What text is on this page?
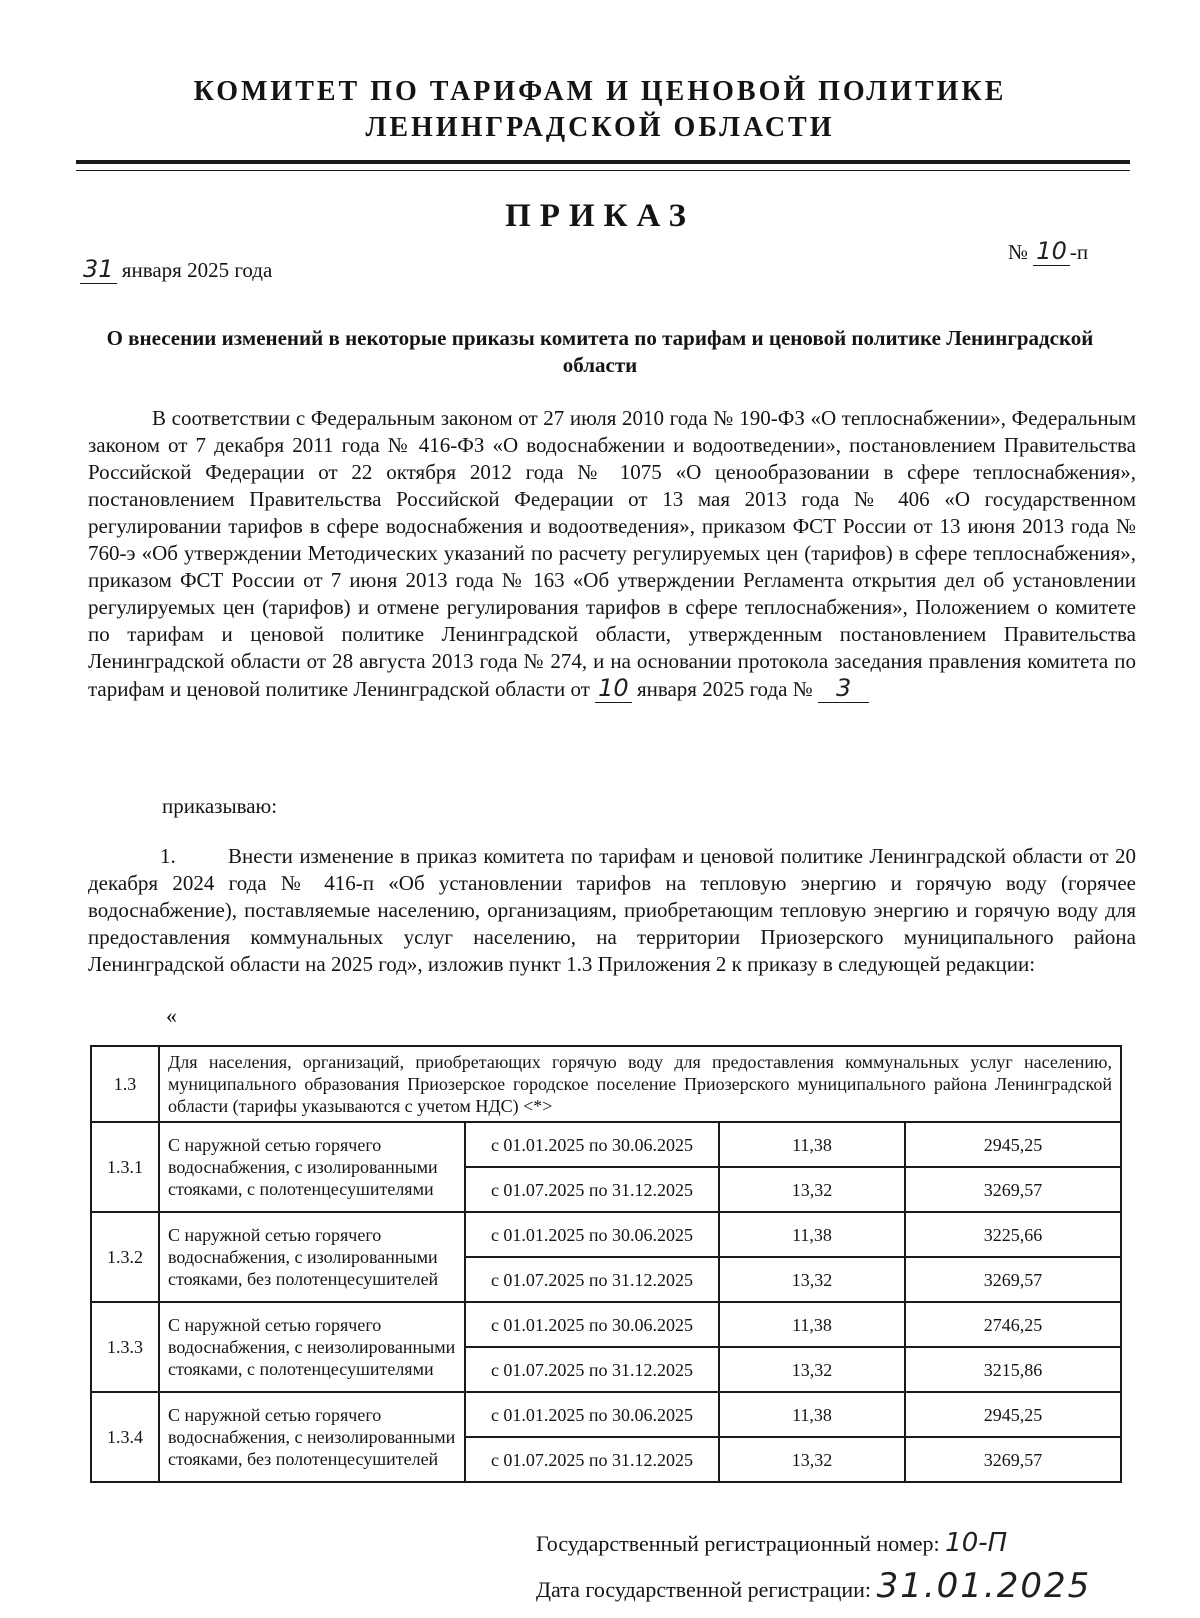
КОМИТЕТ ПО ТАРИФАМ И ЦЕНОВОЙ ПОЛИТИКЕ
ЛЕНИНГРАДСКОЙ ОБЛАСТИ
ПРИКАЗ
31 января 2025 года
№ 10 -п
О внесении изменений в некоторые приказы комитета по тарифам и ценовой политике Ленинградской области
В соответствии с Федеральным законом от 27 июля 2010 года № 190-ФЗ «О теплоснабжении», Федеральным законом от 7 декабря 2011 года № 416-ФЗ «О водоснабжении и водоотведении», постановлением Правительства Российской Федерации от 22 октября 2012 года № 1075 «О ценообразовании в сфере теплоснабжения», постановлением Правительства Российской Федерации от 13 мая 2013 года № 406 «О государственном регулировании тарифов в сфере водоснабжения и водоотведения», приказом ФСТ России от 13 июня 2013 года № 760-э «Об утверждении Методических указаний по расчету регулируемых цен (тарифов) в сфере теплоснабжения», приказом ФСТ России от 7 июня 2013 года № 163 «Об утверждении Регламента открытия дел об установлении регулируемых цен (тарифов) и отмене регулирования тарифов в сфере теплоснабжения», Положением о комитете по тарифам и ценовой политике Ленинградской области, утвержденным постановлением Правительства Ленинградской области от 28 августа 2013 года № 274, и на основании протокола заседания правления комитета по тарифам и ценовой политике Ленинградской области от 10 января 2025 года № 3
приказываю:
1. Внести изменение в приказ комитета по тарифам и ценовой политике Ленинградской области от 20 декабря 2024 года № 416-п «Об установлении тарифов на тепловую энергию и горячую воду (горячее водоснабжение), поставляемые населению, организациям, приобретающим тепловую энергию и горячую воду для предоставления коммунальных услуг населению, на территории Приозерского муниципального района Ленинградской области на 2025 год», изложив пункт 1.3 Приложения 2 к приказу в следующей редакции:
«
1.3	Для населения, организаций, приобретающих горячую воду для предоставления коммунальных услуг населению, муниципального образования Приозерское городское поселение Приозерского муниципального района Ленинградской области (тарифы указываются с учетом НДС) <*>			
1.3.1	С наружной сетью горячего водоснабжения, с изолированными стояками, с полотенцесушителями	с 01.01.2025 по 30.06.2025	11,38	2945,25
		с 01.07.2025 по 31.12.2025	13,32	3269,57
1.3.2	С наружной сетью горячего водоснабжения, с изолированными стояками, без полотенцесушителей	с 01.01.2025 по 30.06.2025	11,38	3225,66
		с 01.07.2025 по 31.12.2025	13,32	3269,57
1.3.3	С наружной сетью горячего водоснабжения, с неизолированными стояками, с полотенцесушителями	с 01.01.2025 по 30.06.2025	11,38	2746,25
		с 01.07.2025 по 31.12.2025	13,32	3215,86
1.3.4	С наружной сетью горячего водоснабжения, с неизолированными стояками, без полотенцесушителей	с 01.01.2025 по 30.06.2025	11,38	2945,25
		с 01.07.2025 по 31.12.2025	13,32	3269,57
Государственный регистрационный номер: 10-П
Дата государственной регистрации: 31.01.2025
